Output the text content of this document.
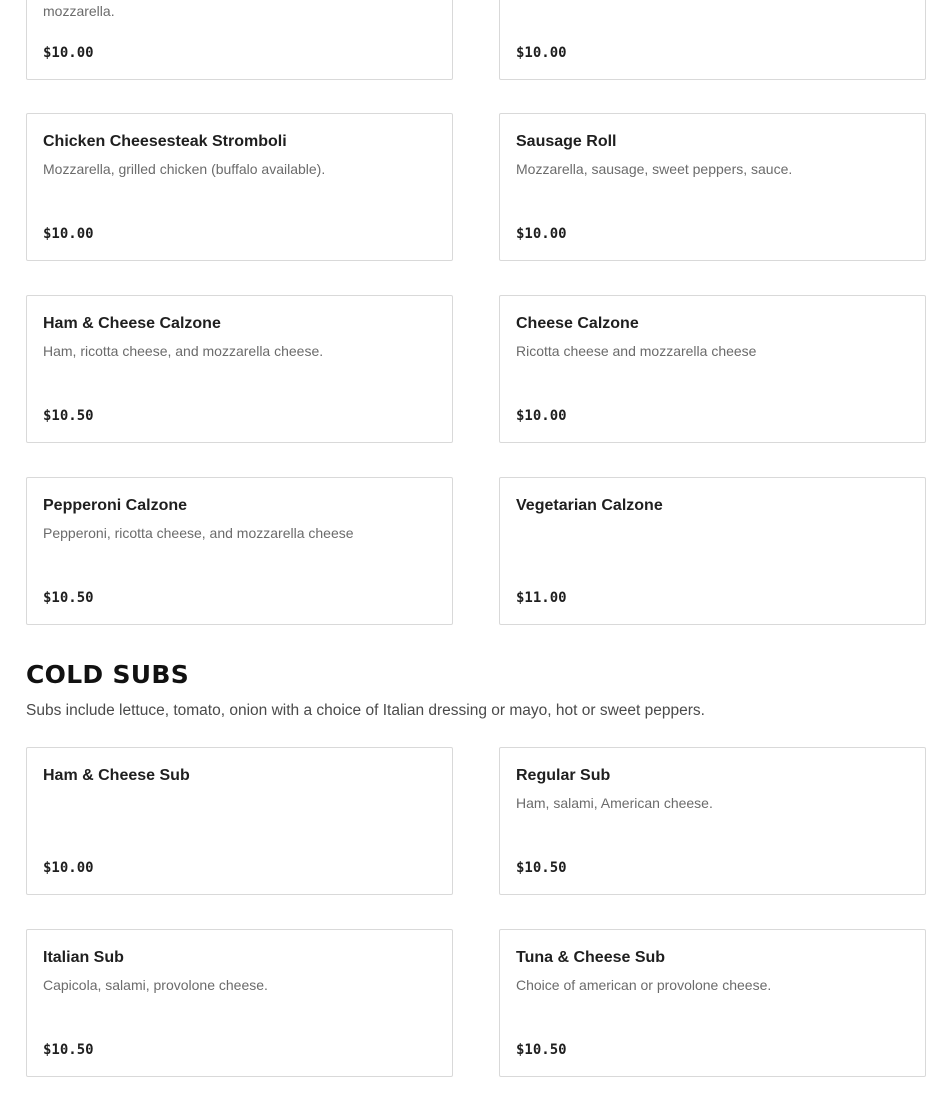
mozzarella.
$10.00	$10.00
Chicken Cheesesteak Stromboli
Mozzarella, grilled chicken (buffalo available).
$10.00
Sausage Roll
Mozzarella, sausage, sweet peppers, sauce.
$10.00
Ham & Cheese Calzone
Ham, ricotta cheese, and mozzarella cheese.
$10.50
Cheese Calzone
Ricotta cheese and mozzarella cheese
$10.00
Pepperoni Calzone
Pepperoni, ricotta cheese, and mozzarella cheese
$10.50
Vegetarian Calzone
$11.00
COLD SUBS

Subs include lettuce, tomato, onion with a choice of Italian dressing or mayo, hot or sweet peppers.

Ham & Cheese Sub
$10.00
Regular Sub
Ham, salami, American cheese.
$10.50
Italian Sub
Capicola, salami, provolone cheese.
$10.50
Tuna & Cheese Sub
Choice of american or provolone cheese.
$10.50
